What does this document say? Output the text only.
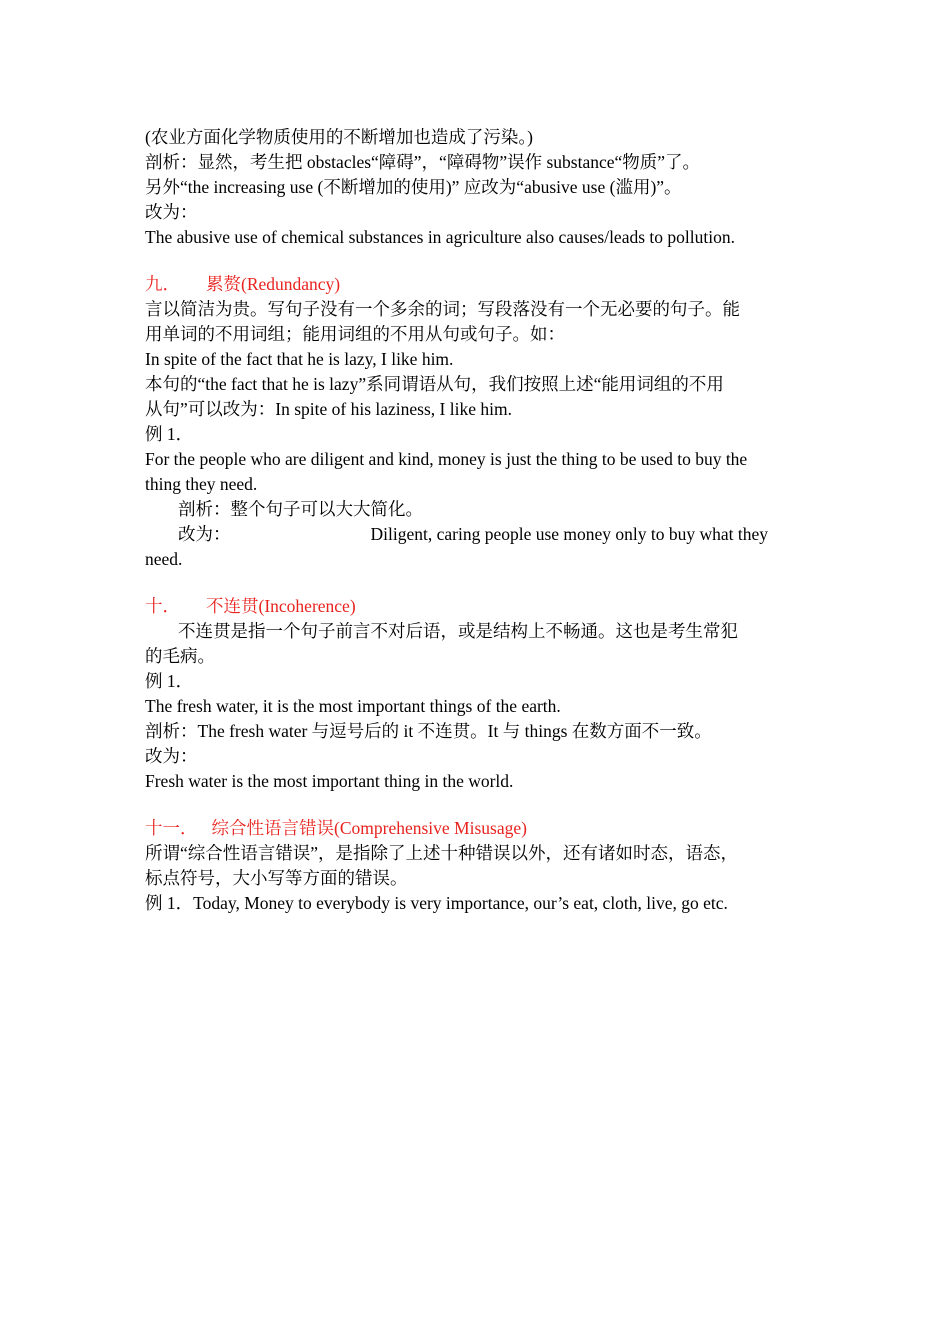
(农业方面化学物质使用的不断增加也造成了污染。)
剖析：显然，考生把 obstacles“障碍”，“障碍物”误作 substance“物质”了。
另外“the increasing use (不断增加的使用)” 应改为“abusive use (滥用)”。
改为：
The abusive use of chemical substances in agriculture also causes/leads to pollution.
九． 累赘(Redundancy)
言以简洁为贵。写句子没有一个多余的词；写段落没有一个无必要的句子。能
用单词的不用词组；能用词组的不用从句或句子。如：
In spite of the fact that he is lazy, I like him.
本句的“the fact that he is lazy”系同谓语从句，我们按照上述“能用词组的不用
从句”可以改为：In spite of his laziness, I like him.
例 1．
For the people who are diligent and kind, money is just the thing to be used to buy the
thing they need.
剖析：整个句子可以大大简化。
改为：	Diligent, caring people use money only to buy what they
need.
十． 不连贯(Incoherence)
不连贯是指一个句子前言不对后语，或是结构上不畅通。这也是考生常犯
的毛病。
例 1．
The fresh water, it is the most important things of the earth.
剖析：The fresh water 与逗号后的 it 不连贯。It 与 things 在数方面不一致。
改为：
Fresh water is the most important thing in the world.
十一． 综合性语言错误(Comprehensive Misusage)
所谓“综合性语言错误”，是指除了上述十种错误以外，还有诸如时态，语态，
标点符号，大小写等方面的错误。
例 1．Today, Money to everybody is very importance, our’s eat, cloth, live, go etc.
